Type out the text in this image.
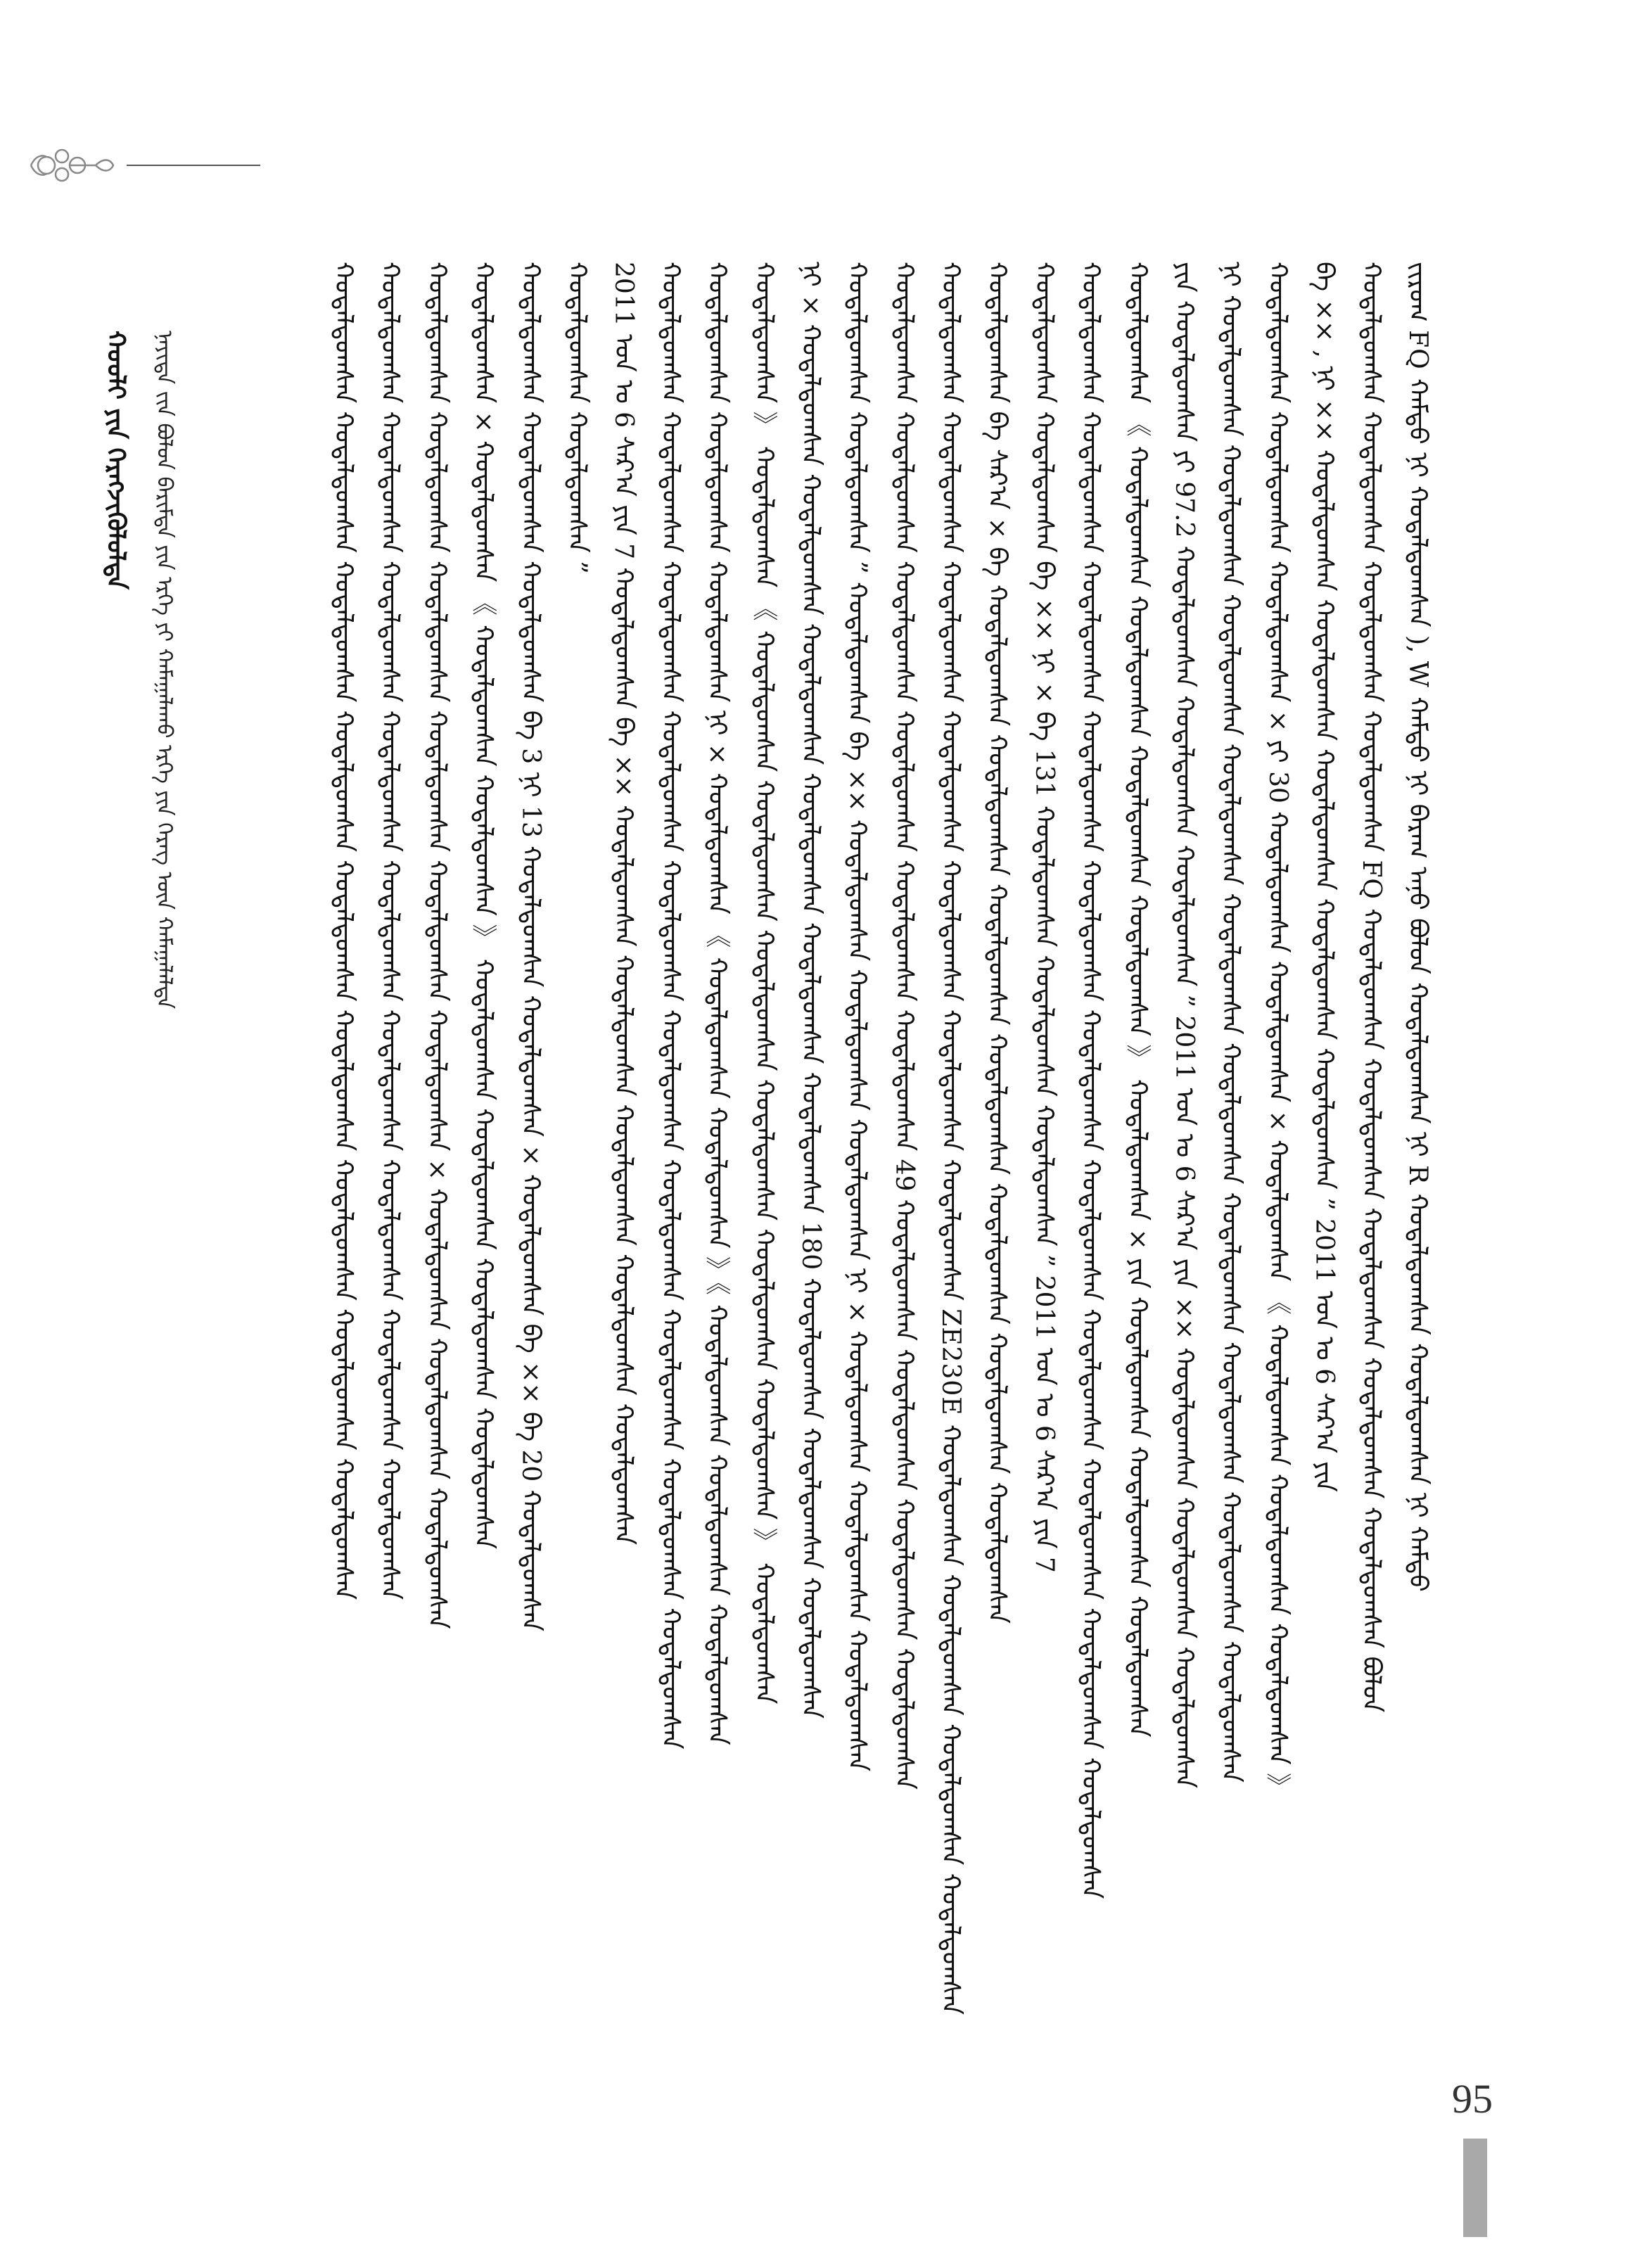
ᠨᠡᠶᠢᠲᠡ ᠵᠢᠨ ᠪᠣᠯᠤᠨ ᠪᠠᠷᠢᠮᠲᠠ ᠶᠢᠨ ᠡᠷᠬᠡ ᠶᠢ ᠬᠠᠮᠠᠭᠠᠯᠠᠬᠤ ᠡᠷᠬᠡ ᠶᠢᠨ ᠬᠡᠷᠡᠭ ᠦᠨ ᠬᠠᠮᠠᠭᠠᠯᠠᠯᠲᠠ
ᠬᠤᠤᠯᠢ ᠶᠢᠨ ᠬᠡᠷᠡᠭᠵᠢᠭᠦᠯᠦᠯᠲᠡ	ᠵᠢᠷᠤᠭ FQ ᠬᠠᠮᠲᠤ ᠨᠢ ᠬᠤᠳᠠᠯᠳᠤᠭᠰᠠᠨ ), W ᠬᠠᠮᠲᠤ ᠨᠢ ᠪᠠᠷᠠᠭ ᠠᠨᠤ ᠪᠣᠯᠤᠨ ᠬᠤᠳᠠᠯᠳᠤᠭᠰᠠᠨ ᠨᠢ R ᠬᠤᠳᠠᠯᠳᠤᠭᠰᠠᠨ ᠬᠤᠳᠠᠯᠳᠤᠭᠰᠠᠨ ᠨᠢ ᠬᠠᠮᠲᠤ
ᠬᠤᠳᠠᠯᠳᠤᠭᠰᠠᠨ ᠬᠤᠳᠠᠯᠳᠤᠭᠰᠠᠨ ᠬᠤᠳᠠᠯᠳᠤᠭᠰᠠᠨ ᠬᠤᠳᠠᠯᠳᠤᠭᠰᠠᠨ FQ ᠬᠤᠳᠠᠯᠳᠤᠭᠰᠠᠨ ᠬᠤᠳᠠᠯᠳᠤᠭᠰᠠᠨ ᠬᠤᠳᠠᠯᠳᠤᠭᠰᠠᠨ ᠬᠤᠳᠠᠯᠳᠤᠭᠰᠠᠨ ᠬᠤᠳᠠᠯᠳᠤᠭᠰᠠᠨ ᠪᠣᠯᠤᠨ
ᠪᠠ ×× , ᠨᠢ ×× ᠬᠤᠳᠠᠯᠳᠤᠭᠰᠠᠨ ᠬᠤᠳᠠᠯᠳᠤᠭᠰᠠᠨ ᠬᠤᠳᠠᠯᠳᠤᠭᠰᠠᠨ ᠬᠤᠳᠠᠯᠳᠤᠭᠰᠠᠨ ᠬᠤᠳᠠᠯᠳᠤᠭᠰᠠᠨ ” 2011 ᠣᠨ ᠤ 6 ᠰᠠᠷ᠎ᠠ ᠶᠢᠨ
ᠬᠤᠳᠠᠯᠳᠤᠭᠰᠠᠨ ᠬᠤᠳᠠᠯᠳᠤᠭᠰᠠᠨ ᠬᠤᠳᠠᠯᠳᠤᠭᠰᠠᠨ × ᠶᠢ 30 ᠬᠤᠳᠠᠯᠳᠤᠭᠰᠠᠨ ᠬᠤᠳᠠᠯᠳᠤᠭᠰᠠᠨ × ᠬᠤᠳᠠᠯᠳᠤᠭᠰᠠᠨ 《 ᠬᠤᠳᠠᠯᠳᠤᠭᠰᠠᠨ ᠬᠤᠳᠠᠯᠳᠤᠭᠰᠠᠨ ᠬᠤᠳᠠᠯᠳᠤᠭᠰᠠᠨ 》
ᠨᠢ ᠬᠤᠳᠠᠯᠳᠤᠭᠰᠠᠨ ᠬᠤᠳᠠᠯᠳᠤᠭᠰᠠᠨ ᠬᠤᠳᠠᠯᠳᠤᠭᠰᠠᠨ ᠬᠤᠳᠠᠯᠳᠤᠭᠰᠠᠨ ᠬᠤᠳᠠᠯᠳᠤᠭᠰᠠᠨ ᠬᠤᠳᠠᠯᠳᠤᠭᠰᠠᠨ ᠬᠤᠳᠠᠯᠳᠤᠭᠰᠠᠨ ᠬᠤᠳᠠᠯᠳᠤᠭᠰᠠᠨ ᠬᠤᠳᠠᠯᠳᠤᠭᠰᠠᠨ ᠬᠤᠳᠠᠯᠳᠤᠭᠰᠠᠨ
ᠶᠢᠨ ᠬᠤᠳᠠᠯᠳᠤᠭᠰᠠᠨ ᠶᠢ 97.2 ᠬᠤᠳᠠᠯᠳᠤᠭᠰᠠᠨ ᠬᠤᠳᠠᠯᠳᠤᠭᠰᠠᠨ ᠬᠤᠳᠠᠯᠳᠤᠭᠰᠠᠨ ” 2011 ᠣᠨ ᠤ 6 ᠰᠠᠷ᠎ᠠ ᠶᠢᠨ ×× ᠬᠤᠳᠠᠯᠳᠤᠭᠰᠠᠨ ᠬᠤᠳᠠᠯᠳᠤᠭᠰᠠᠨ ᠬᠤᠳᠠᠯᠳᠤᠭᠰᠠᠨ
ᠬᠤᠳᠠᠯᠳᠤᠭᠰᠠᠨ 《 ᠬᠤᠳᠠᠯᠳᠤᠭᠰᠠᠨ ᠬᠤᠳᠠᠯᠳᠤᠭᠰᠠᠨ ᠬᠤᠳᠠᠯᠳᠤᠭᠰᠠᠨ ᠬᠤᠳᠠᠯᠳᠤᠭᠰᠠᠨ 》 ᠬᠤᠳᠠᠯᠳᠤᠭᠰᠠᠨ × ᠶᠢᠨ ᠬᠤᠳᠠᠯᠳᠤᠭᠰᠠᠨ ᠬᠤᠳᠠᠯᠳᠤᠭᠰᠠᠨ ᠬᠤᠳᠠᠯᠳᠤᠭᠰᠠᠨ
ᠬᠤᠳᠠᠯᠳᠤᠭᠰᠠᠨ ᠬᠤᠳᠠᠯᠳᠤᠭᠰᠠᠨ ᠬᠤᠳᠠᠯᠳᠤᠭᠰᠠᠨ ᠬᠤᠳᠠᠯᠳᠤᠭᠰᠠᠨ ᠬᠤᠳᠠᠯᠳᠤᠭᠰᠠᠨ ᠬᠤᠳᠠᠯᠳᠤᠭᠰᠠᠨ ᠬᠤᠳᠠᠯᠳᠤᠭᠰᠠᠨ ᠬᠤᠳᠠᠯᠳᠤᠭᠰᠠᠨ ᠬᠤᠳᠠᠯᠳᠤᠭᠰᠠᠨ ᠬᠤᠳᠠᠯᠳᠤᠭᠰᠠᠨ ᠬᠤᠳᠠᠯᠳᠤᠭᠰᠠᠨ
ᠬᠤᠳᠠᠯᠳᠤᠭᠰᠠᠨ ᠬᠤᠳᠠᠯᠳᠤᠭᠰᠠᠨ ᠪᠠ ×× ᠨᠢ × ᠪᠠ 131 ᠬᠤᠳᠠᠯᠳᠤᠭᠰᠠᠨ ᠬᠤᠳᠠᠯᠳᠤᠭᠰᠠᠨ ᠬᠤᠳᠠᠯᠳᠤᠭᠰᠠᠨ ” 2011 ᠣᠨ ᠤ 6 ᠰᠠᠷ᠎ᠠ ᠶᠢᠨ 7
ᠬᠤᠳᠠᠯᠳᠤᠭᠰᠠᠨ ᠪᠠ ᠰᠠᠷ᠎ᠠ × ᠪᠠ ᠬᠤᠳᠠᠯᠳᠤᠭᠰᠠᠨ ᠬᠤᠳᠠᠯᠳᠤᠭᠰᠠᠨ ᠬᠤᠳᠠᠯᠳᠤᠭᠰᠠᠨ ᠬᠤᠳᠠᠯᠳᠤᠭᠰᠠᠨ ᠬᠤᠳᠠᠯᠳᠤᠭᠰᠠᠨ ᠬᠤᠳᠠᠯᠳᠤᠭᠰᠠᠨ ᠬᠤᠳᠠᠯᠳᠤᠭᠰᠠᠨ
ᠬᠤᠳᠠᠯᠳᠤᠭᠰᠠᠨ ᠬᠤᠳᠠᠯᠳᠤᠭᠰᠠᠨ ᠬᠤᠳᠠᠯᠳᠤᠭᠰᠠᠨ ᠬᠤᠳᠠᠯᠳᠤᠭᠰᠠᠨ ᠬᠤᠳᠠᠯᠳᠤᠭᠰᠠᠨ ᠬᠤᠳᠠᠯᠳᠤᠭᠰᠠᠨ ᠬᠤᠳᠠᠯᠳᠤᠭᠰᠠᠨ ZE230E ᠬᠤᠳᠠᠯᠳᠤᠭᠰᠠᠨ ᠬᠤᠳᠠᠯᠳᠤᠭᠰᠠᠨ ᠬᠤᠳᠠᠯᠳᠤᠭᠰᠠᠨ ᠬᠤᠳᠠᠯᠳᠤᠭᠰᠠᠨ
ᠬᠤᠳᠠᠯᠳᠤᠭᠰᠠᠨ ᠬᠤᠳᠠᠯᠳᠤᠭᠰᠠᠨ ᠬᠤᠳᠠᠯᠳᠤᠭᠰᠠᠨ ᠬᠤᠳᠠᠯᠳᠤᠭᠰᠠᠨ ᠬᠤᠳᠠᠯᠳᠤᠭᠰᠠᠨ ᠬᠤᠳᠠᠯᠳᠤᠭᠰᠠᠨ 49 ᠬᠤᠳᠠᠯᠳᠤᠭᠰᠠᠨ ᠬᠤᠳᠠᠯᠳᠤᠭᠰᠠᠨ ᠬᠤᠳᠠᠯᠳᠤᠭᠰᠠᠨ ᠬᠤᠳᠠᠯᠳᠤᠭᠰᠠᠨ
ᠬᠤᠳᠠᠯᠳᠤᠭᠰᠠᠨ ᠬᠤᠳᠠᠯᠳᠤᠭᠰᠠᠨ ” ᠬᠤᠳᠠᠯᠳᠤᠭᠰᠠᠨ ᠪᠠ ×× ᠬᠤᠳᠠᠯᠳᠤᠭᠰᠠᠨ ᠬᠤᠳᠠᠯᠳᠤᠭᠰᠠᠨ ᠬᠤᠳᠠᠯᠳᠤᠭᠰᠠᠨ ᠨᠢ × ᠬᠤᠳᠠᠯᠳᠤᠭᠰᠠᠨ ᠬᠤᠳᠠᠯᠳᠤᠭᠰᠠᠨ ᠬᠤᠳᠠᠯᠳᠤᠭᠰᠠᠨ
ᠨᠢ × ᠬᠤᠳᠠᠯᠳᠤᠭᠰᠠᠨ ᠬᠤᠳᠠᠯᠳᠤᠭᠰᠠᠨ ᠬᠤᠳᠠᠯᠳᠤᠭᠰᠠᠨ ᠬᠤᠳᠠᠯᠳᠤᠭᠰᠠᠨ ᠬᠤᠳᠠᠯᠳᠤᠭᠰᠠᠨ ᠬᠤᠳᠠᠯᠳᠤᠭᠰᠠᠨ 180 ᠬᠤᠳᠠᠯᠳᠤᠭᠰᠠᠨ ᠬᠤᠳᠠᠯᠳᠤᠭᠰᠠᠨ ᠬᠤᠳᠠᠯᠳᠤᠭᠰᠠᠨ
ᠬᠤᠳᠠᠯᠳᠤᠭᠰᠠᠨ 》 ᠬᠤᠳᠠᠯᠳᠤᠭᠰᠠᠨ 《 ᠬᠤᠳᠠᠯᠳᠤᠭᠰᠠᠨ ᠬᠤᠳᠠᠯᠳᠤᠭᠰᠠᠨ ᠬᠤᠳᠠᠯᠳᠤᠭᠰᠠᠨ ᠬᠤᠳᠠᠯᠳᠤᠭᠰᠠᠨ ᠬᠤᠳᠠᠯᠳᠤᠭᠰᠠᠨ ᠬᠤᠳᠠᠯᠳᠤᠭᠰᠠᠨ 》 ᠬᠤᠳᠠᠯᠳᠤᠭᠰᠠᠨ
ᠬᠤᠳᠠᠯᠳᠤᠭᠰᠠᠨ ᠬᠤᠳᠠᠯᠳᠤᠭᠰᠠᠨ ᠬᠤᠳᠠᠯᠳᠤᠭᠰᠠᠨ ᠨᠢ × ᠬᠤᠳᠠᠯᠳᠤᠭᠰᠠᠨ 《 ᠬᠤᠳᠠᠯᠳᠤᠭᠰᠠᠨ ᠬᠤᠳᠠᠯᠳᠤᠭᠰᠠᠨ 》《 ᠬᠤᠳᠠᠯᠳᠤᠭᠰᠠᠨ ᠬᠤᠳᠠᠯᠳᠤᠭᠰᠠᠨ ᠬᠤᠳᠠᠯᠳᠤᠭᠰᠠᠨ
ᠬᠤᠳᠠᠯᠳᠤᠭᠰᠠᠨ ᠬᠤᠳᠠᠯᠳᠤᠭᠰᠠᠨ ᠬᠤᠳᠠᠯᠳᠤᠭᠰᠠᠨ ᠬᠤᠳᠠᠯᠳᠤᠭᠰᠠᠨ ᠬᠤᠳᠠᠯᠳᠤᠭᠰᠠᠨ ᠬᠤᠳᠠᠯᠳᠤᠭᠰᠠᠨ ᠬᠤᠳᠠᠯᠳᠤᠭᠰᠠᠨ ᠬᠤᠳᠠᠯᠳᠤᠭᠰᠠᠨ ᠬᠤᠳᠠᠯᠳᠤᠭᠰᠠᠨ ᠬᠤᠳᠠᠯᠳᠤᠭᠰᠠᠨ
2011 ᠣᠨ ᠤ 6 ᠰᠠᠷ᠎ᠠ ᠶᠢᠨ 7 ᠬᠤᠳᠠᠯᠳᠤᠭᠰᠠᠨ ᠪᠠ ×× ᠬᠤᠳᠠᠯᠳᠤᠭᠰᠠᠨ ᠬᠤᠳᠠᠯᠳᠤᠭᠰᠠᠨ ᠬᠤᠳᠠᠯᠳᠤᠭᠰᠠᠨ ᠬᠤᠳᠠᠯᠳᠤᠭᠰᠠᠨ ᠬᠤᠳᠠᠯᠳᠤᠭᠰᠠᠨ
ᠬᠤᠳᠠᠯᠳᠤᠭᠰᠠᠨ ᠬᠤᠳᠠᠯᠳᠤᠭᠰᠠᠨ ”
ᠬᠤᠳᠠᠯᠳᠤᠭᠰᠠᠨ ᠬᠤᠳᠠᠯᠳᠤᠭᠰᠠᠨ ᠬᠤᠳᠠᠯᠳᠤᠭᠰᠠᠨ ᠪᠠ 3 ᠨᠢ 13 ᠬᠤᠳᠠᠯᠳᠤᠭᠰᠠᠨ ᠬᠤᠳᠠᠯᠳᠤᠭᠰᠠᠨ × ᠬᠤᠳᠠᠯᠳᠤᠭᠰᠠᠨ ᠪᠠ ×× ᠪᠠ 20 ᠬᠤᠳᠠᠯᠳᠤᠭᠰᠠᠨ
ᠬᠤᠳᠠᠯᠳᠤᠭᠰᠠᠨ × ᠬᠤᠳᠠᠯᠳᠤᠭᠰᠠᠨ 《 ᠬᠤᠳᠠᠯᠳᠤᠭᠰᠠᠨ ᠬᠤᠳᠠᠯᠳᠤᠭᠰᠠᠨ 》 ᠬᠤᠳᠠᠯᠳᠤᠭᠰᠠᠨ ᠬᠤᠳᠠᠯᠳᠤᠭᠰᠠᠨ ᠬᠤᠳᠠᠯᠳᠤᠭᠰᠠᠨ ᠬᠤᠳᠠᠯᠳᠤᠭᠰᠠᠨ
ᠬᠤᠳᠠᠯᠳᠤᠭᠰᠠᠨ ᠬᠤᠳᠠᠯᠳᠤᠭᠰᠠᠨ ᠬᠤᠳᠠᠯᠳᠤᠭᠰᠠᠨ ᠬᠤᠳᠠᠯᠳᠤᠭᠰᠠᠨ ᠬᠤᠳᠠᠯᠳᠤᠭᠰᠠᠨ ᠬᠤᠳᠠᠯᠳᠤᠭᠰᠠᠨ × ᠬᠤᠳᠠᠯᠳᠤᠭᠰᠠᠨ ᠬᠤᠳᠠᠯᠳᠤᠭᠰᠠᠨ ᠬᠤᠳᠠᠯᠳᠤᠭᠰᠠᠨ
ᠬᠤᠳᠠᠯᠳᠤᠭᠰᠠᠨ ᠬᠤᠳᠠᠯᠳᠤᠭᠰᠠᠨ ᠬᠤᠳᠠᠯᠳᠤᠭᠰᠠᠨ ᠬᠤᠳᠠᠯᠳᠤᠭᠰᠠᠨ ᠬᠤᠳᠠᠯᠳᠤᠭᠰᠠᠨ ᠬᠤᠳᠠᠯᠳᠤᠭᠰᠠᠨ ᠬᠤᠳᠠᠯᠳᠤᠭᠰᠠᠨ ᠬᠤᠳᠠᠯᠳᠤᠭᠰᠠᠨ ᠬᠤᠳᠠᠯᠳᠤᠭᠰᠠᠨ
ᠬᠤᠳᠠᠯᠳᠤᠭᠰᠠᠨ ᠬᠤᠳᠠᠯᠳᠤᠭᠰᠠᠨ ᠬᠤᠳᠠᠯᠳᠤᠭᠰᠠᠨ ᠬᠤᠳᠠᠯᠳᠤᠭᠰᠠᠨ ᠬᠤᠳᠠᠯᠳᠤᠭᠰᠠᠨ ᠬᠤᠳᠠᠯᠳᠤᠭᠰᠠᠨ ᠬᠤᠳᠠᠯᠳᠤᠭᠰᠠᠨ ᠬᠤᠳᠠᠯᠳᠤᠭᠰᠠᠨ ᠬᠤᠳᠠᠯᠳᠤᠭᠰᠠᠨ
95
